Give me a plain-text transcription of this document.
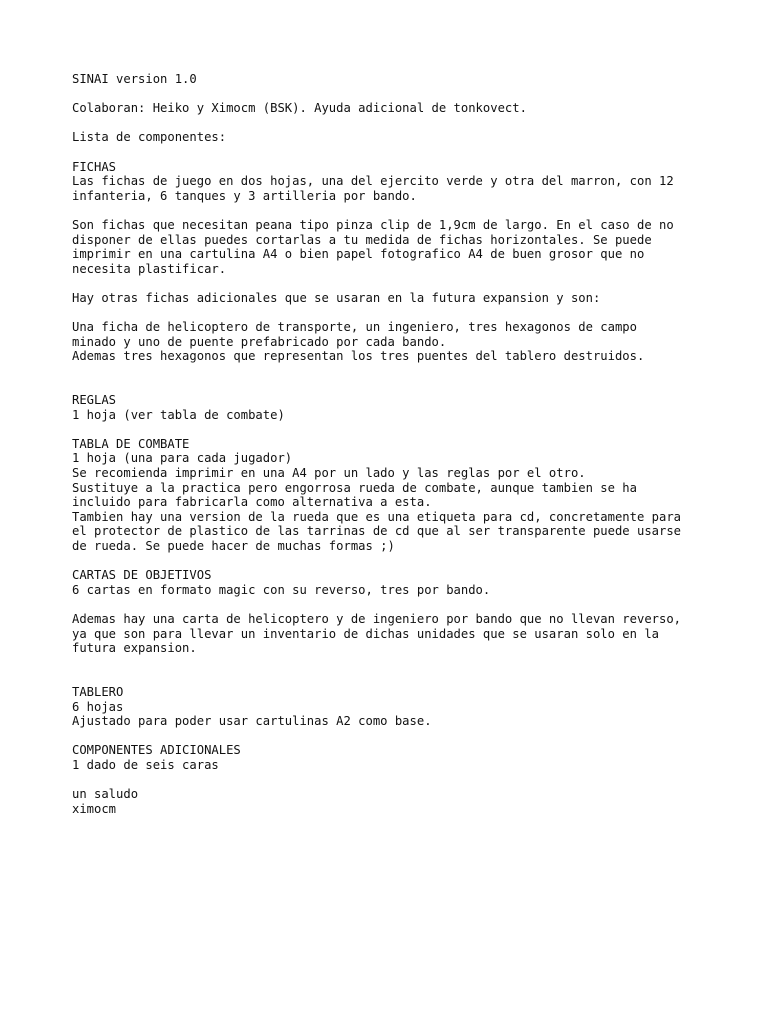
SINAI version 1.0
Colaboran: Heiko y Ximocm (BSK). Ayuda adicional de tonkovect.
Lista de componentes:
FICHAS
Las fichas de juego en dos hojas, una del ejercito verde y otra del marron, con 12
infanteria, 6 tanques y 3 artilleria por bando.
Son fichas que necesitan peana tipo pinza clip de 1,9cm de largo. En el caso de no
disponer de ellas puedes cortarlas a tu medida de fichas horizontales. Se puede
imprimir en una cartulina A4 o bien papel fotografico A4 de buen grosor que no
necesita plastificar.
Hay otras fichas adicionales que se usaran en la futura expansion y son:
Una ficha de helicoptero de transporte, un ingeniero, tres hexagonos de campo
minado y uno de puente prefabricado por cada bando.
Ademas tres hexagonos que representan los tres puentes del tablero destruidos.
REGLAS
1 hoja (ver tabla de combate)
TABLA DE COMBATE
1 hoja (una para cada jugador)
Se recomienda imprimir en una A4 por un lado y las reglas por el otro.
Sustituye a la practica pero engorrosa rueda de combate, aunque tambien se ha
incluido para fabricarla como alternativa a esta.
Tambien hay una version de la rueda que es una etiqueta para cd, concretamente para
el protector de plastico de las tarrinas de cd que al ser transparente puede usarse
de rueda. Se puede hacer de muchas formas ;)
CARTAS DE OBJETIVOS
6 cartas en formato magic con su reverso, tres por bando.
Ademas hay una carta de helicoptero y de ingeniero por bando que no llevan reverso,
ya que son para llevar un inventario de dichas unidades que se usaran solo en la
futura expansion.
TABLERO
6 hojas
Ajustado para poder usar cartulinas A2 como base.
COMPONENTES ADICIONALES
1 dado de seis caras
un saludo
ximocm
